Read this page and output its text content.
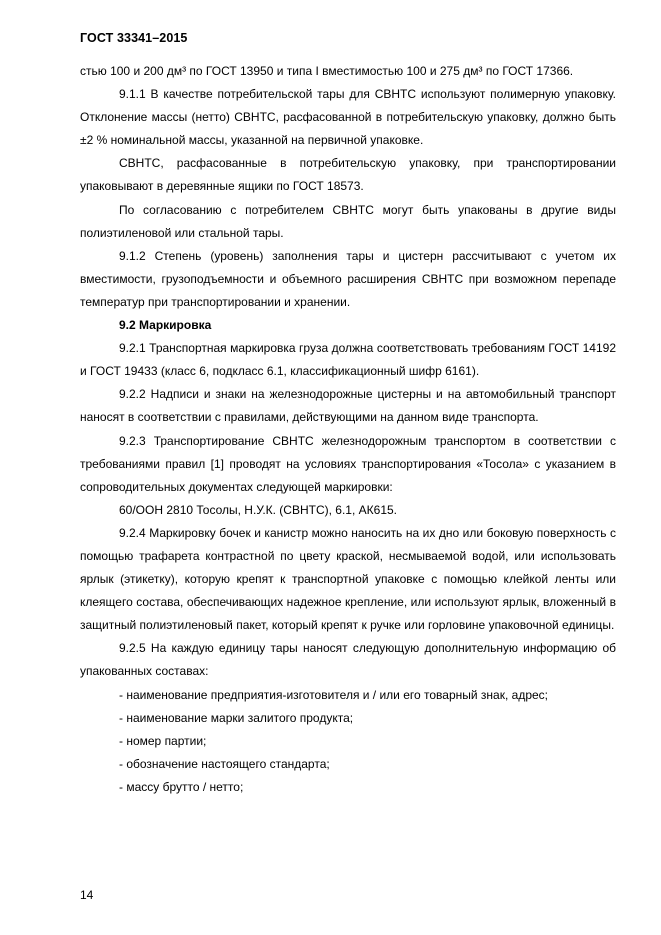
ГОСТ 33341–2015

стью 100 и 200 дм³ по ГОСТ 13950 и типа I вместимостью 100 и 275 дм³ по ГОСТ 17366.

9.1.1 В качестве потребительской тары для СВНТС используют полимерную упаковку. Отклонение массы (нетто) СВНТС, расфасованной в потребительскую упаковку, должно быть ±2 % номинальной массы, указанной на первичной упаковке.

СВНТС, расфасованные в потребительскую упаковку, при транспортировании упаковывают в деревянные ящики по ГОСТ 18573.

По согласованию с потребителем СВНТС могут быть упакованы в другие виды полиэтиленовой или стальной тары.

9.1.2 Степень (уровень) заполнения тары и цистерн рассчитывают с учетом их вместимости, грузоподъемности и объемного расширения СВНТС при возможном перепаде температур при транспортировании и хранении.

9.2 Маркировка

9.2.1 Транспортная маркировка груза должна соответствовать требованиям ГОСТ 14192 и ГОСТ 19433 (класс 6, подкласс 6.1, классификационный шифр 6161).

9.2.2 Надписи и знаки на железнодорожные цистерны и на автомобильный транспорт наносят в соответствии с правилами, действующими на данном виде транспорта.

9.2.3 Транспортирование СВНТС железнодорожным транспортом в соответствии с требованиями правил [1] проводят на условиях транспортирования «Тосола» с указанием в сопроводительных документах следующей маркировки:

60/ООН 2810 Тосолы, Н.У.К. (СВНТС), 6.1, АК615.

9.2.4 Маркировку бочек и канистр можно наносить на их дно или боковую поверхность с помощью трафарета контрастной по цвету краской, несмываемой водой, или использовать ярлык (этикетку), которую крепят к транспортной упаковке с помощью клейкой ленты или клеящего состава, обеспечивающих надежное крепление, или используют ярлык, вложенный в защитный полиэтиленовый пакет, который крепят к ручке или горловине упаковочной единицы.

9.2.5 На каждую единицу тары наносят следующую дополнительную информацию об упакованных составах:

- наименование предприятия-изготовителя и / или его товарный знак, адрес;

- наименование марки залитого продукта;

- номер партии;

- обозначение настоящего стандарта;

- массу брутто / нетто;

14
